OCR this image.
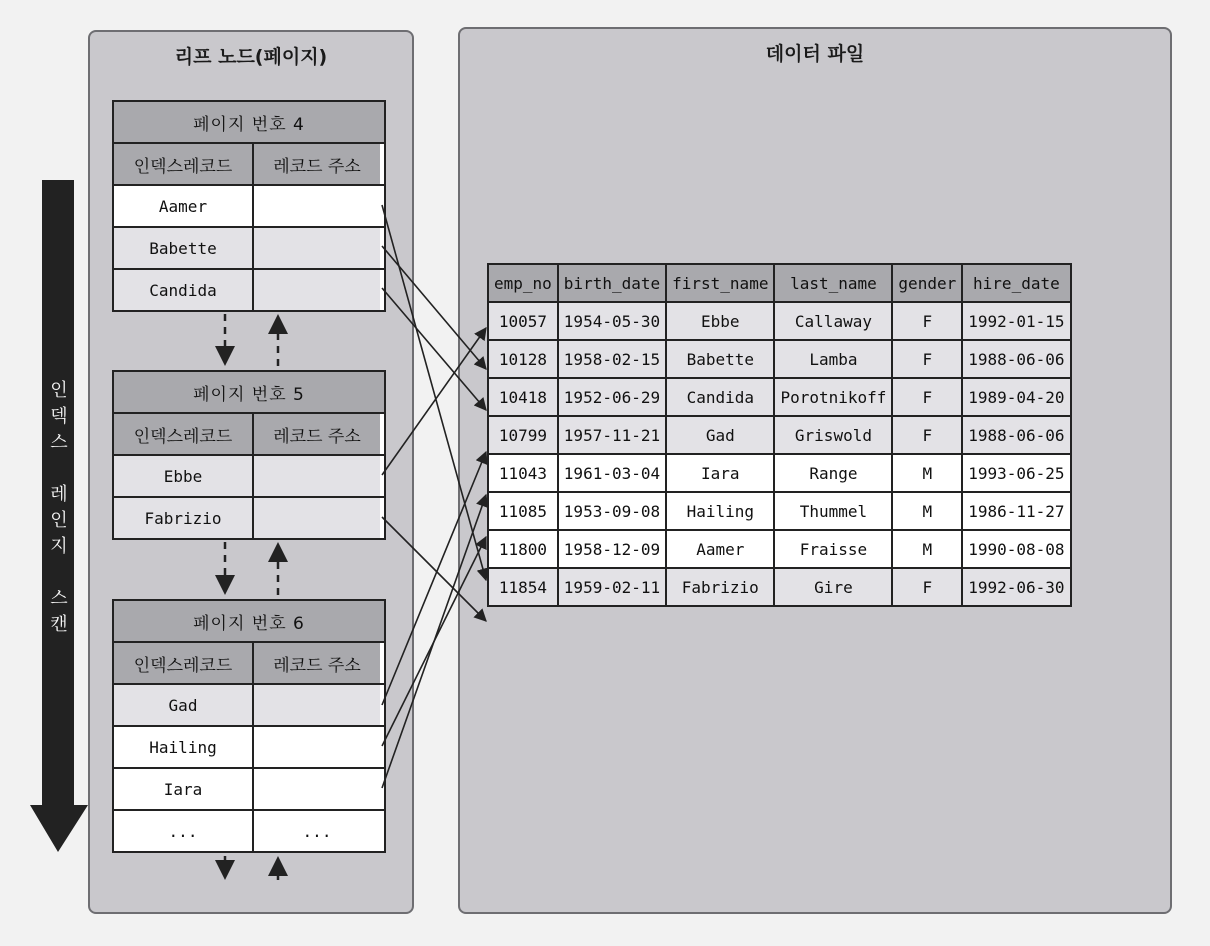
리프 노드(페이지)	데이터 파일
인
덱
스

레
인
지

스
캔
페이지 번호 4
인덱스레코드	레코드 주소
Aamer
Babette
Candida
페이지 번호 5
인덱스레코드	레코드 주소
Ebbe
Fabrizio
페이지 번호 6
인덱스레코드	레코드 주소
Gad
Hailing
Iara
...	...
emp_no	birth_date	first_name	last_name	gender	hire_date
10057	1954-05-30	Ebbe	Callaway	F	1992-01-15
10128	1958-02-15	Babette	Lamba	F	1988-06-06
10418	1952-06-29	Candida	Porotnikoff	F	1989-04-20
10799	1957-11-21	Gad	Griswold	F	1988-06-06
11043	1961-03-04	Iara	Range	M	1993-06-25
11085	1953-09-08	Hailing	Thummel	M	1986-11-27
11800	1958-12-09	Aamer	Fraisse	M	1990-08-08
11854	1959-02-11	Fabrizio	Gire	F	1992-06-30
